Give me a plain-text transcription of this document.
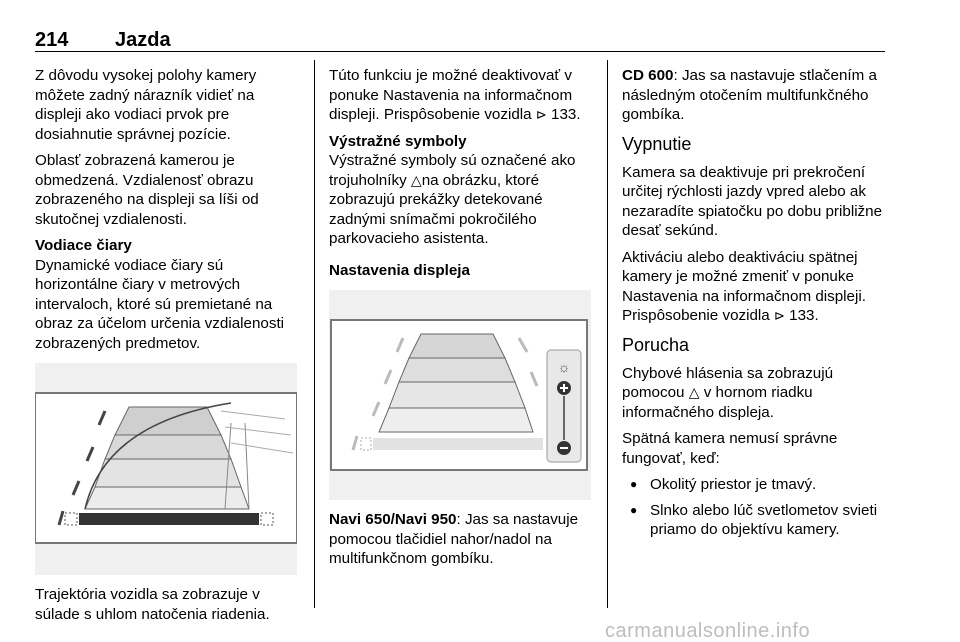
214 Jazda

Z dôvodu vysokej polohy kamery môžete zadný nárazník vidieť na displeji ako vodiaci prvok pre dosiahnutie správnej pozície.

Oblasť zobrazená kamerou je obmedzená. Vzdialenosť obrazu zobrazeného na displeji sa líši od skutočnej vzdialenosti.

Vodiace čiary
Dynamické vodiace čiary sú horizontálne čiary v metrových intervaloch, ktoré sú premietané na obraz za účelom určenia vzdialenosti zobrazených predmetov.

Trajektória vozidla sa zobrazuje v súlade s uhlom natočenia riadenia.

Túto funkciu je možné deaktivovať v ponuke Nastavenia na informačnom displeji. Prispôsobenie vozidla ⊳ 133.

Výstražné symboly
Výstražné symboly sú označené ako trojuholníky △na obrázku, ktoré zobrazujú prekážky detekované zadnými snímačmi pokročilého parkovacieho asistenta.

Nastavenia displeja

☼

Navi 650/Navi 950: Jas sa nastavuje pomocou tlačidiel nahor/nadol na multifunkčnom gombíku.

CD 600: Jas sa nastavuje stlačením a následným otočením multifunkčného gombíka.

Vypnutie

Kamera sa deaktivuje pri prekročení určitej rýchlosti jazdy vpred alebo ak nezaradíte spiatočku po dobu približne desať sekúnd.

Aktiváciu alebo deaktiváciu spätnej kamery je možné zmeniť v ponuke Nastavenia na informačnom displeji. Prispôsobenie vozidla ⊳ 133.

Porucha

Chybové hlásenia sa zobrazujú pomocou △ v hornom riadku informačného displeja.

Spätná kamera nemusí správne fungovať, keď:

● Okolitý priestor je tmavý.
● Slnko alebo lúč svetlometov svieti priamo do objektívu kamery.
carmanualsonline.info
